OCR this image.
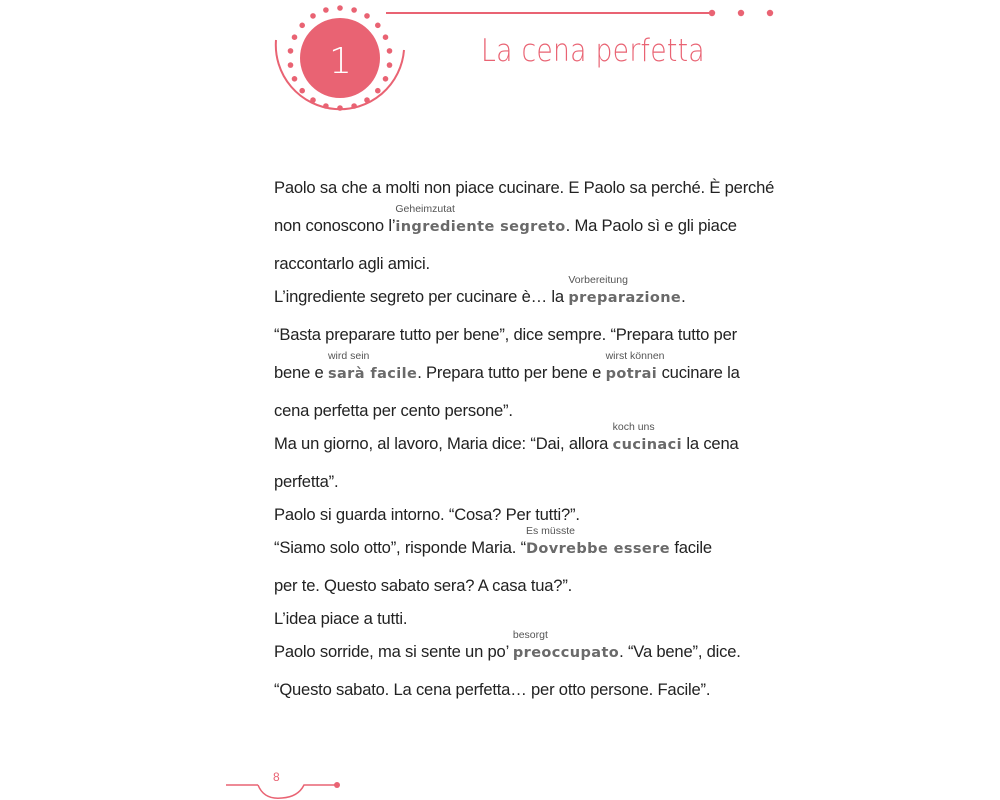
1	La cena perfetta
Paolo sa che a molti non piace cucinare. E Paolo sa perché. È perché
non conoscono l’
Geheimzutat
ingrediente segreto. Ma Paolo sì e gli piace
raccontarlo agli amici.
L’ingrediente segreto per cucinare è… la
Vorbereitung
preparazione.
“Basta preparare tutto per bene”, dice sempre. “Prepara tutto per
bene e
wird sein
sarà facile. Prepara tutto per bene e
wirst können
potrai cucinare la
cena perfetta per cento persone”.
Ma un giorno, al lavoro, Maria dice: “Dai, allora
koch uns
cucinaci la cena
perfetta”.
Paolo si guarda intorno. “Cosa? Per tutti?”.
“Siamo solo otto”, risponde Maria. “
Es müsste
Dovrebbe essere facile
per te. Questo sabato sera? A casa tua?”.
L’idea piace a tutti.
Paolo sorride, ma si sente un po’
besorgt
preoccupato. “Va bene”, dice.
“Questo sabato. La cena perfetta… per otto persone. Facile”.
8
